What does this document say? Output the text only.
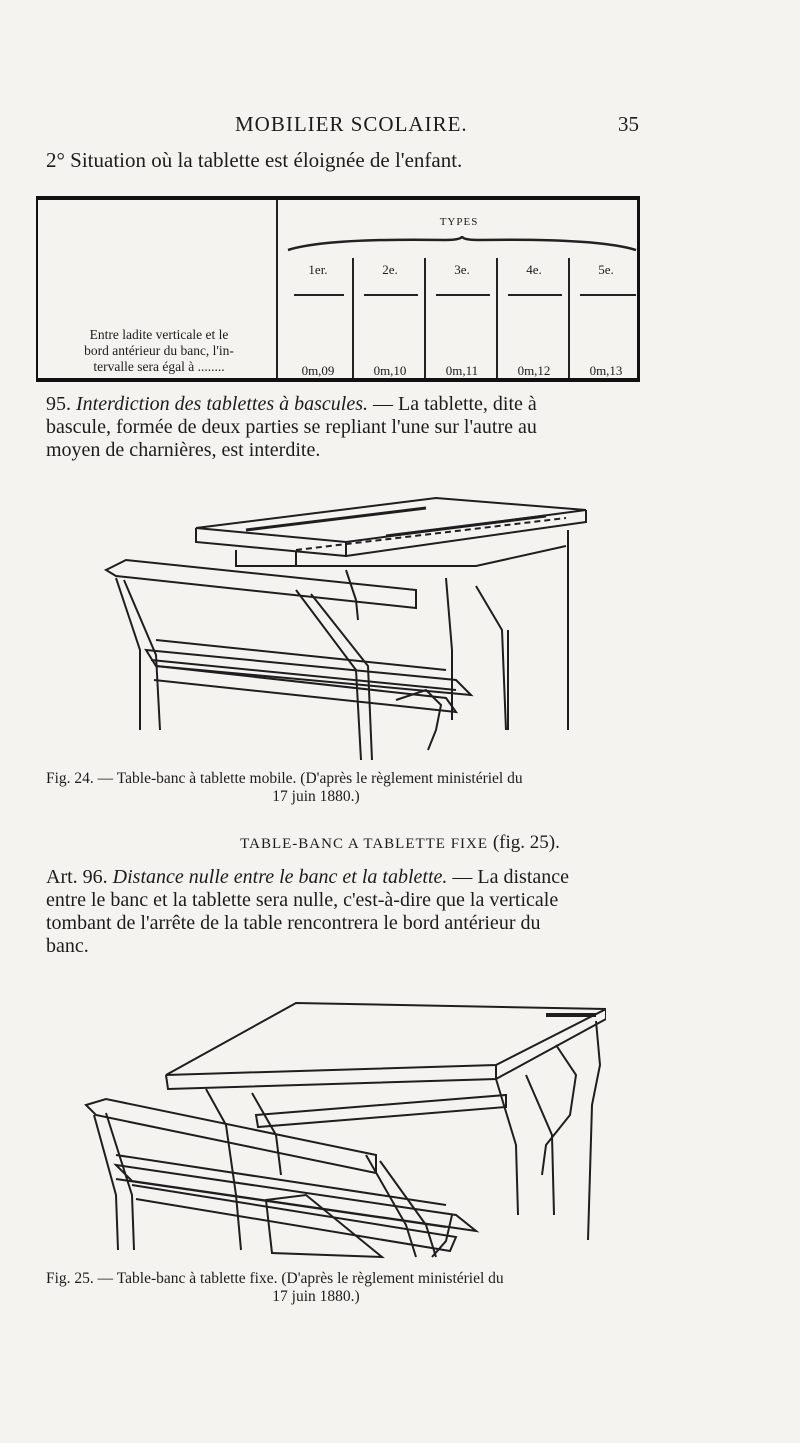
MOBILIER SCOLAIRE.	35
2° Situation où la tablette est éloignée de l'enfant.
Entre ladite verticale et le
bord antérieur du banc, l'in-
tervalle sera égal à ........
TYPES
1er.	2e.	3e.	4e.	5e.
0m,09	0m,10	0m,11	0m,12	0m,13
95. Interdiction des tablettes à bascules. — La tablette, dite à
bascule, formée de deux parties se repliant l'une sur l'autre au
moyen de charnières, est interdite.
Fig. 24. — Table-banc à tablette mobile. (D'après le règlement ministériel du
17 juin 1880.)
TABLE-BANC A TABLETTE FIXE (fig. 25).
Art. 96. Distance nulle entre le banc et la tablette. — La distance
entre le banc et la tablette sera nulle, c'est-à-dire que la verticale
tombant de l'arrête de la table rencontrera le bord antérieur du
banc.
Fig. 25. — Table-banc à tablette fixe. (D'après le règlement ministériel du
17 juin 1880.)
